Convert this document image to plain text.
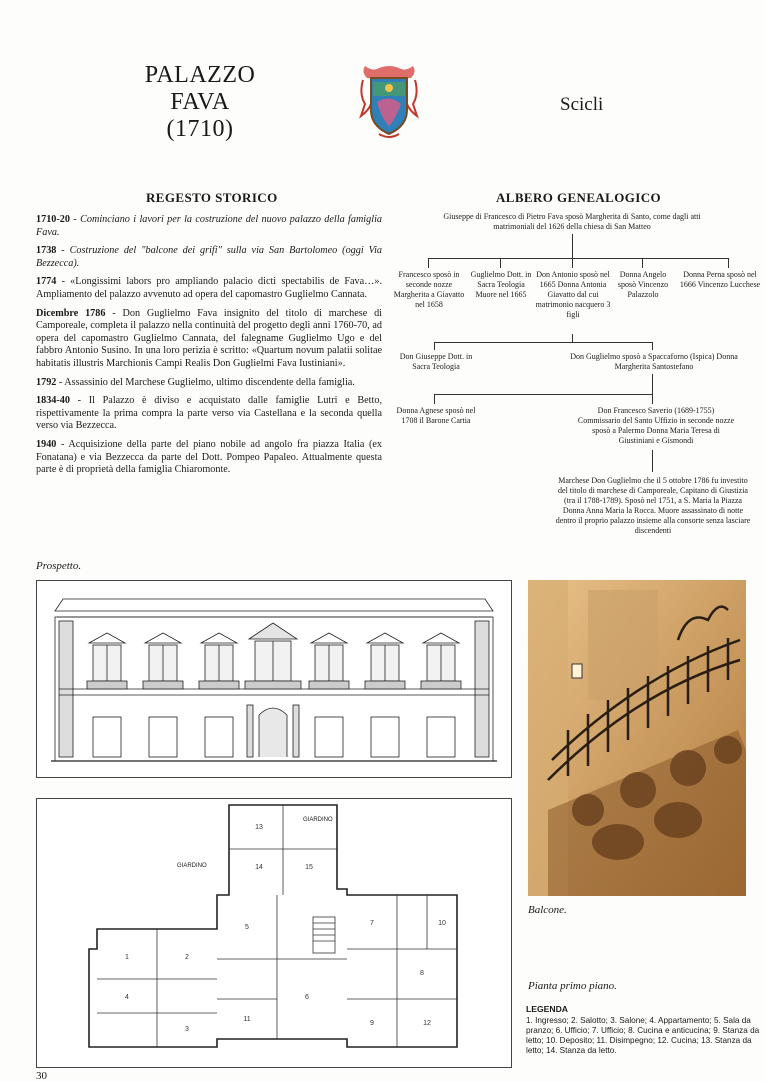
PALAZZO
FAVA
(1710)
Scicli
REGESTO STORICO

1710-20 - Cominciano i lavori per la costruzione del nuovo palazzo della famiglia Fava.

1738 - Costruzione del "balcone dei grifi" sulla via San Bartolomeo (oggi Via Bezzecca).

1774 - «Longissimi labors pro ampliando palacio dicti spectabilis de Fava…». Ampliamento del palazzo avvenuto ad opera del capomastro Guglielmo Cannata.

Dicembre 1786 - Don Guglielmo Fava insignito del titolo di marchese di Camporeale, completa il palazzo nella continuità del progetto degli anni 1760-70, ad opera del capomastro Guglielmo Cannata, del falegname Guglielmo Ugo e del fabbro Antonio Susino. In una loro perizia è scritto: «Quartum novum palatii solitae habitatis illustris Marchionis Campi Realis Don Guglielmi Fava Iustiniani».

1792 - Assassinio del Marchese Guglielmo, ultimo discendente della famiglia.

1834-40 - Il Palazzo è diviso e acquistato dalle famiglie Lutri e Betto, rispettivamente la prima compra la parte verso via Castellana e la seconda quella verso via Bezzecca.

1940 - Acquisizione della parte del piano nobile ad angolo fra piazza Italia (ex Fonatana) e via Bezzecca da parte del Dott. Pompeo Papaleo. Attualmente questa parte è di proprietà della famiglia Chiaromonte.

ALBERO GENEALOGICO
Giuseppe di Francesco di Pietro Fava sposò Margherita di Santo, come dagli atti matrimoniali del 1626 della chiesa di San Matteo
Francesco sposò in seconde nozze Margherita a Giavatto nel 1658
Guglielmo Dott. in Sacra Teologia Muore nel 1665
Don Antonio sposò nel 1665 Donna Antonia Giavatto dal cui matrimonio nacquero 3 figli
Donna Angelo sposò Vincenzo Palazzolo
Donna Perna sposò nel 1666 Vincenzo Lucchese
Don Giuseppe Dott. in Sacra Teologia
Don Guglielmo sposò a Spaccaforno (Ispica) Donna Margherita Santostefano
Donna Agnese sposò nel 1708 il Barone Cartia
Don Francesco Saverio (1689-1755) Commissario del Santo Uffizio in seconde nozze sposò a Palermo Donna Maria Teresa di Giustiniani e Gismondi
Marchese Don Guglielmo che il 5 ottobre 1786 fu investito del titolo di marchese di Camporeale, Capitano di Giustizia (tra il 1788-1789). Sposò nel 1751, a S. Maria la Piazza Donna Anna Maria la Rocca. Muore assassinato di notte dentro il proprio palazzo insieme alla consorte senza lasciare discendenti
Prospetto.
Balcone.
1	2
4
3
5
6
7
8
9
10
14	15
13
12
11
GIARDINO
GIARDINO
Pianta primo piano.
LEGENDA
1. Ingresso; 2. Salotto; 3. Salone; 4. Appartamento; 5. Sala da pranzo; 6. Ufficio; 7. Ufficio; 8. Cucina e anticucina; 9. Stanza da letto; 10. Deposito; 11. Disimpegno; 12. Cucina; 13. Stanza da letto; 14. Stanza da letto.
30
